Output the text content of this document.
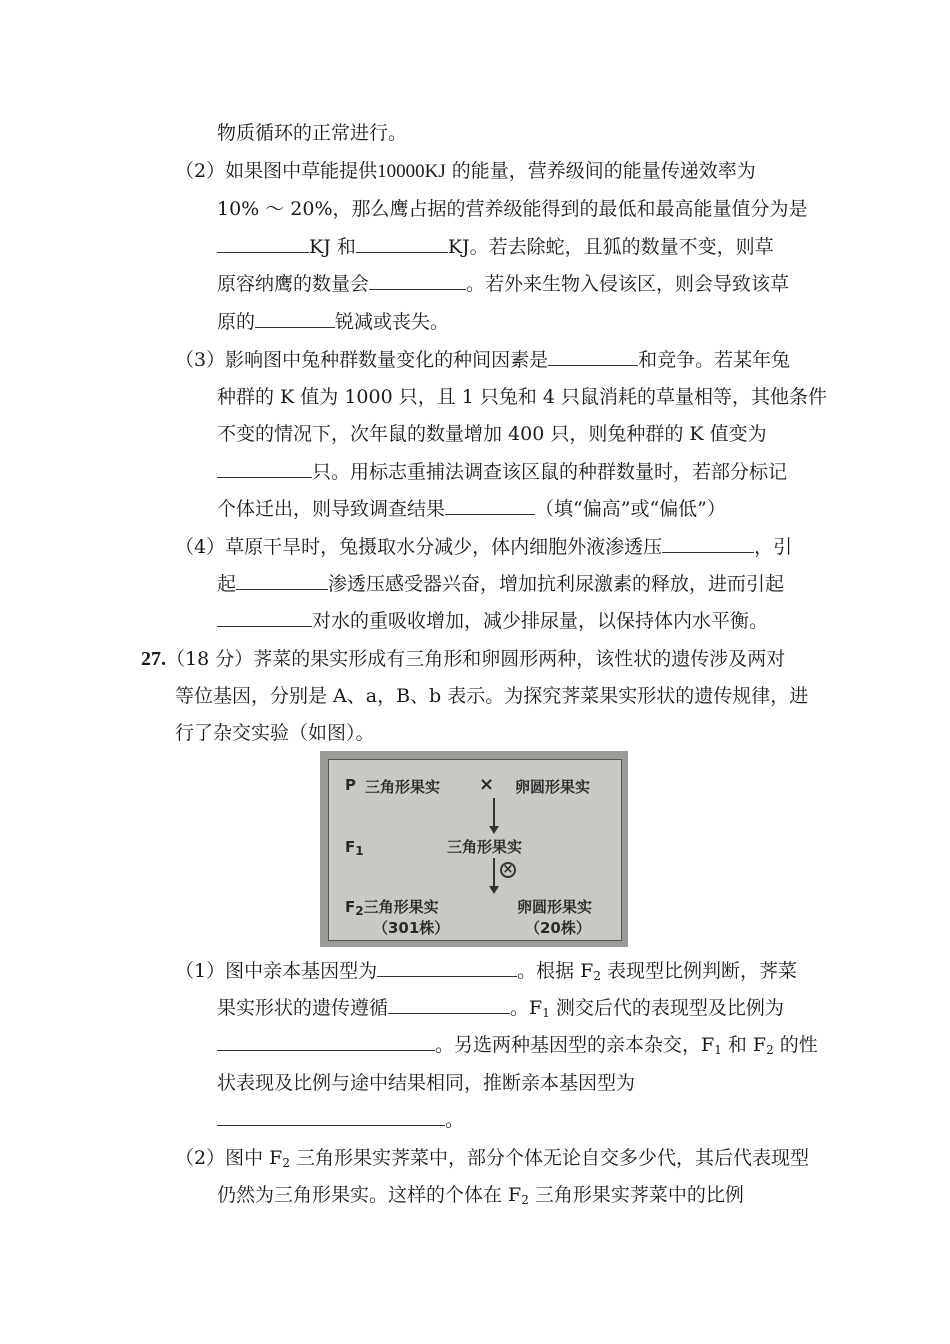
物质循环的正常进行。
（2）如果图中草能提供10000KJ 的能量，营养级间的能量传递效率为
10% ～ 20%，那么鹰占据的营养级能得到的最低和最高能量值分为是
KJ 和	KJ。若去除蛇，且狐的数量不变，则草
原容纳鹰的数量会	。若外来生物入侵该区，则会导致该草
原的	锐减或丧失。
（3）影响图中兔种群数量变化的种间因素是	和竞争。若某年兔
种群的 K 值为 1000 只，且 1 只兔和 4 只鼠消耗的草量相等，其他条件
不变的情况下，次年鼠的数量增加 400 只，则兔种群的 K 值变为
只。用标志重捕法调查该区鼠的种群数量时，若部分标记
个体迁出，则导致调查结果	（填“偏高”或“偏低”）
（4）草原干旱时，兔摄取水分减少，体内细胞外液渗透压	，引
起	渗透压感受器兴奋，增加抗利尿激素的释放，进而引起
对水的重吸收增加，减少排尿量，以保持体内水平衡。
27.（18 分）荠菜的果实形成有三角形和卵圆形两种，该性状的遗传涉及两对
等位基因，分别是 A、a，B、b 表示。为探究荠菜果实形状的遗传规律，进
行了杂交实验（如图）。
P 三角形果实 × 卵圆形果实
$F_1$	三角形果实
×
$F_2$三角形果实
（301株）
卵圆形果实
（20株）
（1）图中亲本基因型为	。根据 $F_2$ 表现型比例判断，荠菜
果实形状的遗传遵循	。$F_1$ 测交后代的表现型及比例为
。另选两种基因型的亲本杂交，$F_1$ 和 $F_2$ 的性
状表现及比例与途中结果相同，推断亲本基因型为
。
（2）图中 $F_2$ 三角形果实荠菜中，部分个体无论自交多少代，其后代表现型
仍然为三角形果实。这样的个体在 $F_2$ 三角形果实荠菜中的比例
